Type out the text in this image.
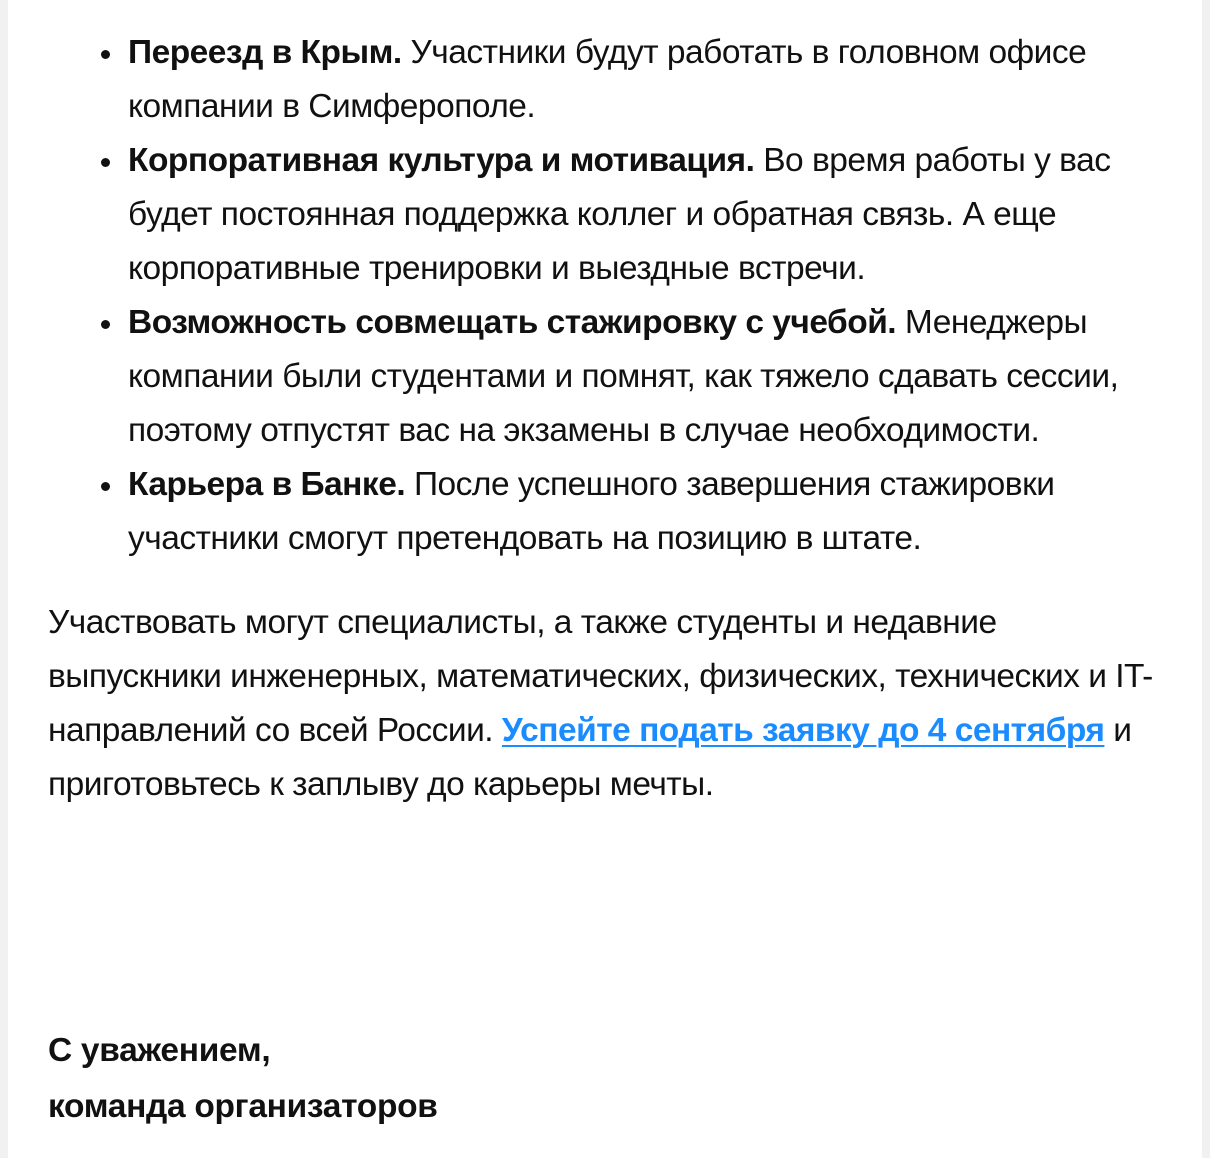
Переезд в Крым. Участники будут работать в головном офисе компании в Симферополе.
Корпоративная культура и мотивация. Во время работы у вас будет постоянная поддержка коллег и обратная связь. А еще корпоративные тренировки и выездные встречи.
Возможность совмещать стажировку с учебой. Менеджеры компании были студентами и помнят, как тяжело сдавать сессии, поэтому отпустят вас на экзамены в случае необходимости.
Карьера в Банке. После успешного завершения стажировки участники смогут претендовать на позицию в штате.

Участвовать могут специалисты, а также студенты и недавние выпускники инженерных, математических, физических, технических и IT-направлений со всей России. Успейте подать заявку до 4 сентября и приготовьтесь к заплыву до карьеры мечты.

С уважением,
команда организаторов
